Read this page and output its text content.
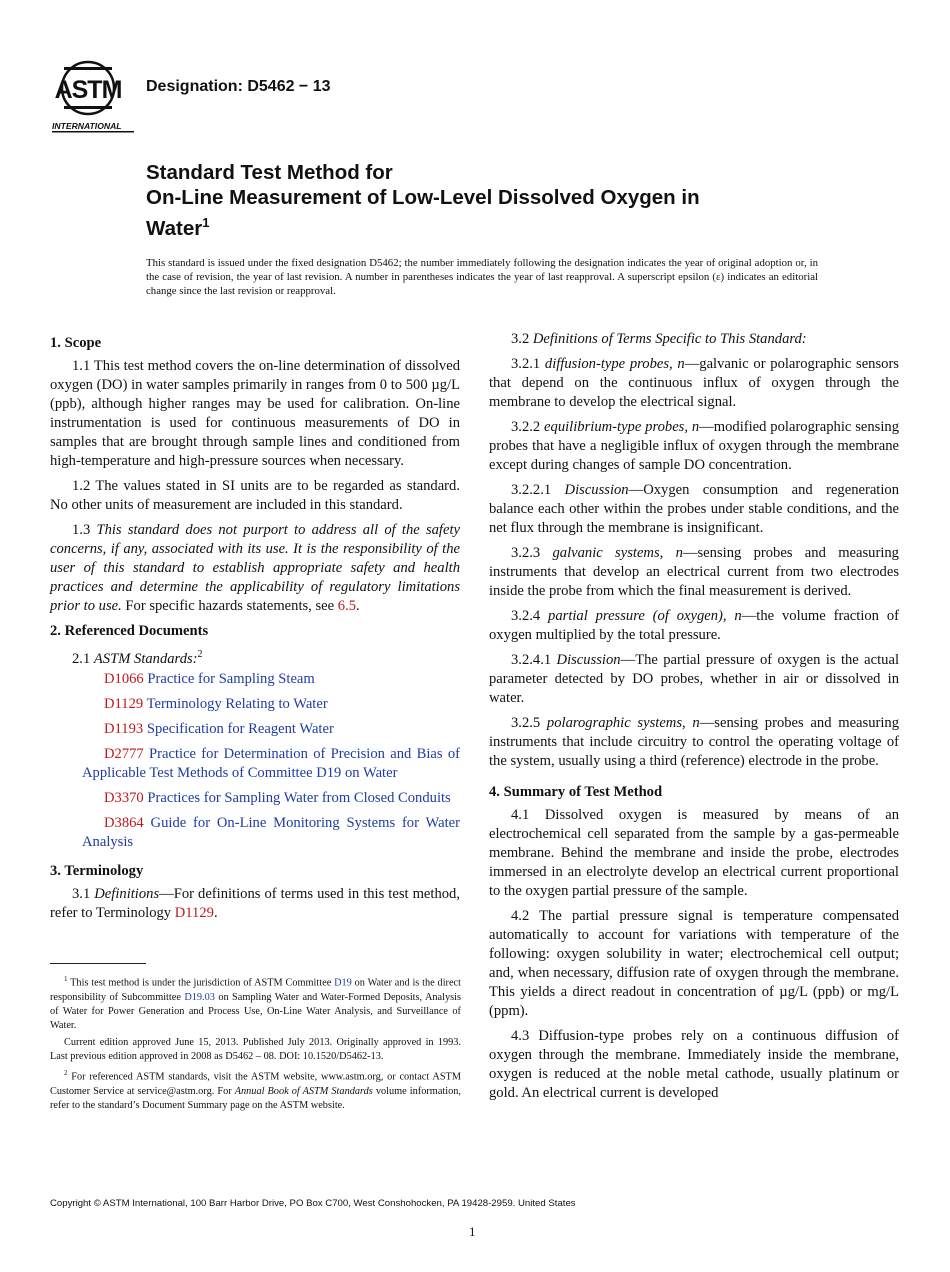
ASTM
INTERNATIONAL
Designation: D5462 − 13
Standard Test Method for
On-Line Measurement of Low-Level Dissolved Oxygen in
Water$^1$
This standard is issued under the fixed designation D5462; the number immediately following the designation indicates the year of original adoption or, in the case of revision, the year of last revision. A number in parentheses indicates the year of last reapproval. A superscript epsilon (ε) indicates an editorial change since the last revision or reapproval.
1. Scope

1.1 This test method covers the on-line determination of dissolved oxygen (DO) in water samples primarily in ranges from 0 to 500 µg/L (ppb), although higher ranges may be used for calibration. On-line instrumentation is used for continuous measurements of DO in samples that are brought through sample lines and conditioned from high-temperature and high-pressure sources when necessary.

1.2 The values stated in SI units are to be regarded as standard. No other units of measurement are included in this standard.

1.3 This standard does not purport to address all of the safety concerns, if any, associated with its use. It is the responsibility of the user of this standard to establish appropriate safety and health practices and determine the applicability of regulatory limitations prior to use. For specific hazards statements, see 6.5.

2. Referenced Documents

2.1 ASTM Standards:$^2$

D1066 Practice for Sampling Steam

D1129 Terminology Relating to Water

D1193 Specification for Reagent Water

D2777 Practice for Determination of Precision and Bias of Applicable Test Methods of Committee D19 on Water

D3370 Practices for Sampling Water from Closed Conduits

D3864 Guide for On-Line Monitoring Systems for Water Analysis

3. Terminology

3.1 Definitions—For definitions of terms used in this test method, refer to Terminology D1129.

$^1$ This test method is under the jurisdiction of ASTM Committee D19 on Water and is the direct responsibility of Subcommittee D19.03 on Sampling Water and Water-Formed Deposits, Analysis of Water for Power Generation and Process Use, On-Line Water Analysis, and Surveillance of Water.

Current edition approved June 15, 2013. Published July 2013. Originally approved in 1993. Last previous edition approved in 2008 as D5462 – 08. DOI: 10.1520/D5462-13.

$^2$ For referenced ASTM standards, visit the ASTM website, www.astm.org, or contact ASTM Customer Service at service@astm.org. For Annual Book of ASTM Standards volume information, refer to the standard’s Document Summary page on the ASTM website.

3.2 Definitions of Terms Specific to This Standard:

3.2.1 diffusion-type probes, n—galvanic or polarographic sensors that depend on the continuous influx of oxygen through the membrane to develop the electrical signal.

3.2.2 equilibrium-type probes, n—modified polarographic sensing probes that have a negligible influx of oxygen through the membrane except during changes of sample DO concentration.

3.2.2.1 Discussion—Oxygen consumption and regeneration balance each other within the probes under stable conditions, and the net flux through the membrane is insignificant.

3.2.3 galvanic systems, n—sensing probes and measuring instruments that develop an electrical current from two electrodes inside the probe from which the final measurement is derived.

3.2.4 partial pressure (of oxygen), n—the volume fraction of oxygen multiplied by the total pressure.

3.2.4.1 Discussion—The partial pressure of oxygen is the actual parameter detected by DO probes, whether in air or dissolved in water.

3.2.5 polarographic systems, n—sensing probes and measuring instruments that include circuitry to control the operating voltage of the system, usually using a third (reference) electrode in the probe.

4. Summary of Test Method

4.1 Dissolved oxygen is measured by means of an electrochemical cell separated from the sample by a gas-permeable membrane. Behind the membrane and inside the probe, electrodes immersed in an electrolyte develop an electrical current proportional to the oxygen partial pressure of the sample.

4.2 The partial pressure signal is temperature compensated automatically to account for variations with temperature of the following: oxygen solubility in water; electrochemical cell output; and, when necessary, diffusion rate of oxygen through the membrane. This yields a direct readout in concentration of µg/L (ppb) or mg/L (ppm).

4.3 Diffusion-type probes rely on a continuous diffusion of oxygen through the membrane. Immediately inside the membrane, oxygen is reduced at the noble metal cathode, usually platinum or gold. An electrical current is developed

Copyright © ASTM International, 100 Barr Harbor Drive, PO Box C700, West Conshohocken, PA 19428-2959. United States
1
